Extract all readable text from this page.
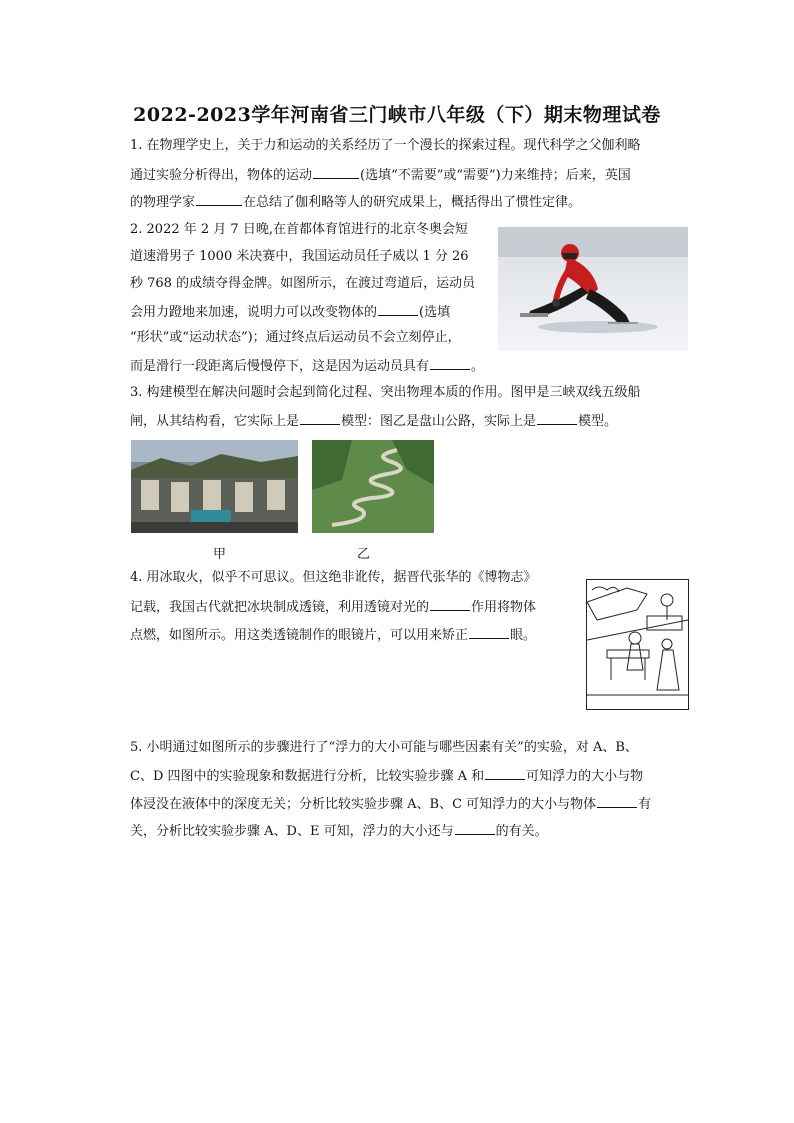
2022-2023学年河南省三门峡市八年级（下）期末物理试卷
1. 在物理学史上，关于力和运动的关系经历了一个漫长的探索过程。现代科学之父伽利略
通过实验分析得出，物体的运动	(选填“不需要”或“需要”)力来维持；后来，英国
的物理学家	在总结了伽利略等人的研究成果上，概括得出了惯性定律。
2. 2022 年 2 月 7 日晚,在首都体育馆进行的北京冬奥会短
道速滑男子 1000 米决赛中，我国运动员任子威以 1 分 26
秒 768 的成绩夺得金牌。如图所示，在渡过弯道后，运动员
会用力蹬地来加速，说明力可以改变物体的	(选填
“形状”或“运动状态”)；通过终点后运动员不会立刻停止，
而是滑行一段距离后慢慢停下，这是因为运动员具有	。
3. 构建模型在解决问题时会起到简化过程、突出物理本质的作用。图甲是三峡双线五级船
闸，从其结构看，它实际上是	模型：图乙是盘山公路，实际上是	模型。
甲	乙
4. 用冰取火，似乎不可思议。但这绝非讹传，据晋代张华的《博物志》
记载，我国古代就把冰块制成透镜，利用透镜对光的	作用将物体
点燃，如图所示。用这类透镜制作的眼镜片，可以用来矫正	眼。
5. 小明通过如图所示的步骤进行了“浮力的大小可能与哪些因素有关”的实验，对 A、B、
C、D 四图中的实验现象和数据进行分析，比较实验步骤 A 和	可知浮力的大小与物
体浸没在液体中的深度无关；分析比较实验步骤 A、B、C 可知浮力的大小与物体	有
关，分析比较实验步骤 A、D、E 可知，浮力的大小还与	的有关。
